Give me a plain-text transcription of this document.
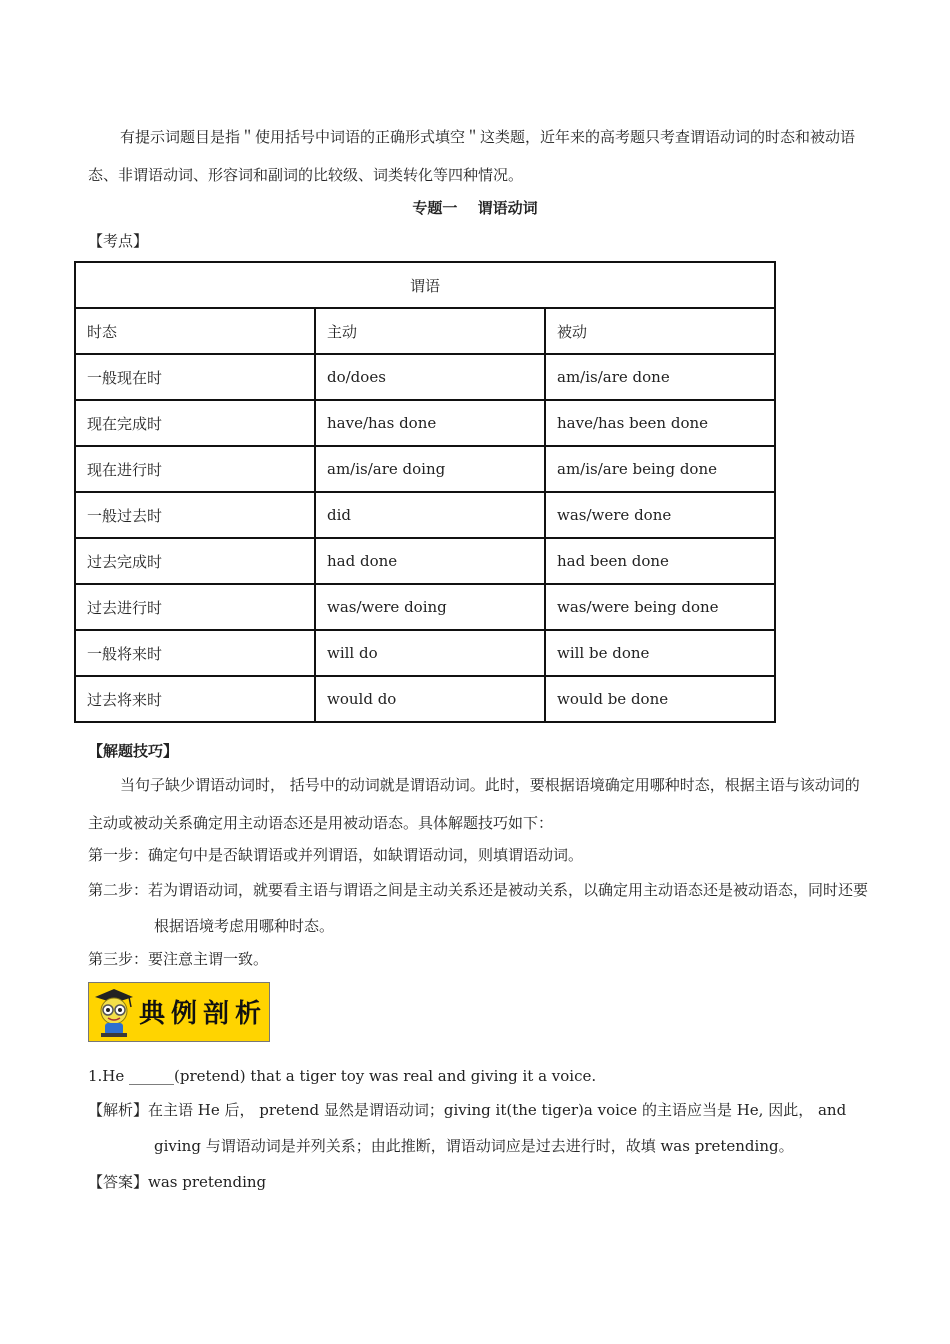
有提示词题目是指＂使用括号中词语的正确形式填空＂这类题，近年来的高考题只考查谓语动词的时态和被动语态、非谓语动词、形容词和副词的比较级、词类转化等四种情况。
专题一　 谓语动词
【考点】
谓语		
时态	主动	被动
一般现在时	do/does	am/is/are done
现在完成时	have/has done	have/has been done
现在进行时	am/is/are doing	am/is/are being done
一般过去时	did	was/were done
过去完成时	had done	had been done
过去进行时	was/were doing	was/were being done
一般将来时	will do	will be done
过去将来时	would do	would be done
【解题技巧】
当句子缺少谓语动词时， 括号中的动词就是谓语动词。此时，要根据语境确定用哪种时态，根据主语与该动词的主动或被动关系确定用主动语态还是用被动语态。具体解题技巧如下：
第一步：确定句中是否缺谓语或并列谓语，如缺谓语动词，则填谓语动词。
第二步：若为谓语动词，就要看主语与谓语之间是主动关系还是被动关系，以确定用主动语态还是被动语态，同时还要根据语境考虑用哪种时态。
第三步：要注意主谓一致。
典例剖析
1.He ______(pretend) that a tiger toy was real and giving it a voice.
【解析】在主语 He 后， pretend 显然是谓语动词；giving it(the tiger)a voice 的主语应当是 He, 因此， and giving 与谓语动词是并列关系；由此推断，谓语动词应是过去进行时，故填 was pretending。
【答案】was pretending
